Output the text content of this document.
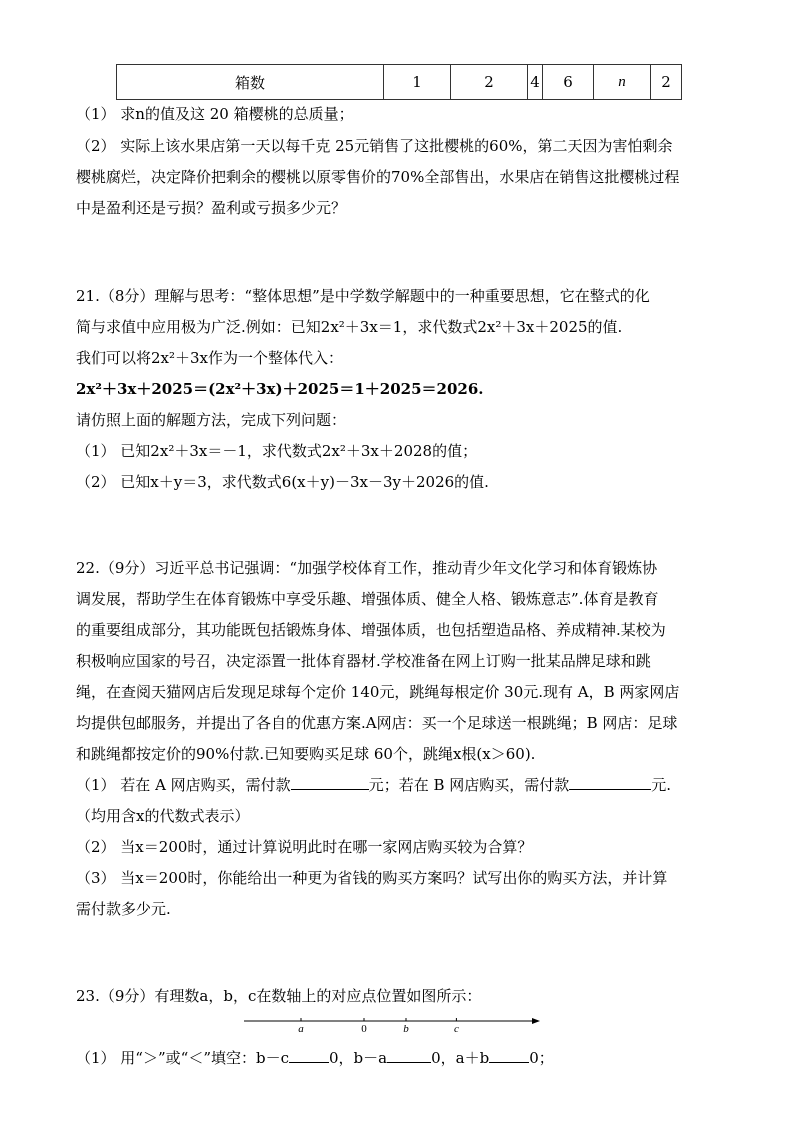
箱数	1	2	4	6	n	2
（1） 求n的值及这 20 箱樱桃的总质量；
（2） 实际上该水果店第一天以每千克 25元销售了这批樱桃的60%，第二天因为害怕剩余
樱桃腐烂，决定降价把剩余的樱桃以原零售价的70%全部售出，水果店在销售这批樱桃过程
中是盈利还是亏损？盈利或亏损多少元？
21.（8分）理解与思考：“整体思想”是中学数学解题中的一种重要思想，它在整式的化
简与求值中应用极为广泛.例如：已知2x²＋3x＝1，求代数式2x²＋3x＋2025的值.
我们可以将2x²＋3x作为一个整体代入：
2x²＋3x＋2025＝(2x²＋3x)＋2025＝1＋2025＝2026.
请仿照上面的解题方法，完成下列问题：
（1） 已知2x²＋3x＝－1，求代数式2x²＋3x＋2028的值；
（2） 已知x＋y＝3，求代数式6(x＋y)－3x－3y＋2026的值.
22.（9分）习近平总书记强调：“加强学校体育工作，推动青少年文化学习和体育锻炼协
调发展，帮助学生在体育锻炼中享受乐趣、增强体质、健全人格、锻炼意志”.体育是教育
的重要组成部分，其功能既包括锻炼身体、增强体质，也包括塑造品格、养成精神.某校为
积极响应国家的号召，决定添置一批体育器材.学校准备在网上订购一批某品牌足球和跳
绳，在查阅天猫网店后发现足球每个定价 140元，跳绳每根定价 30元.现有 A，B 两家网店
均提供包邮服务，并提出了各自的优惠方案.A网店：买一个足球送一根跳绳；B 网店：足球
和跳绳都按定价的90%付款.已知要购买足球 60个，跳绳x根(x＞60).
（1） 若在 A 网店购买，需付款	元；若在 B 网店购买，需付款	元.
（均用含x的代数式表示）
（2） 当x＝200时，通过计算说明此时在哪一家网店购买较为合算？
（3） 当x＝200时，你能给出一种更为省钱的购买方案吗？试写出你的购买方法，并计算
需付款多少元.
23.（9分）有理数a，b，c在数轴上的对应点位置如图所示：
a	0	b	c
（1） 用“＞”或“＜”填空：b－c	0，b－a	0，a＋b	0；
